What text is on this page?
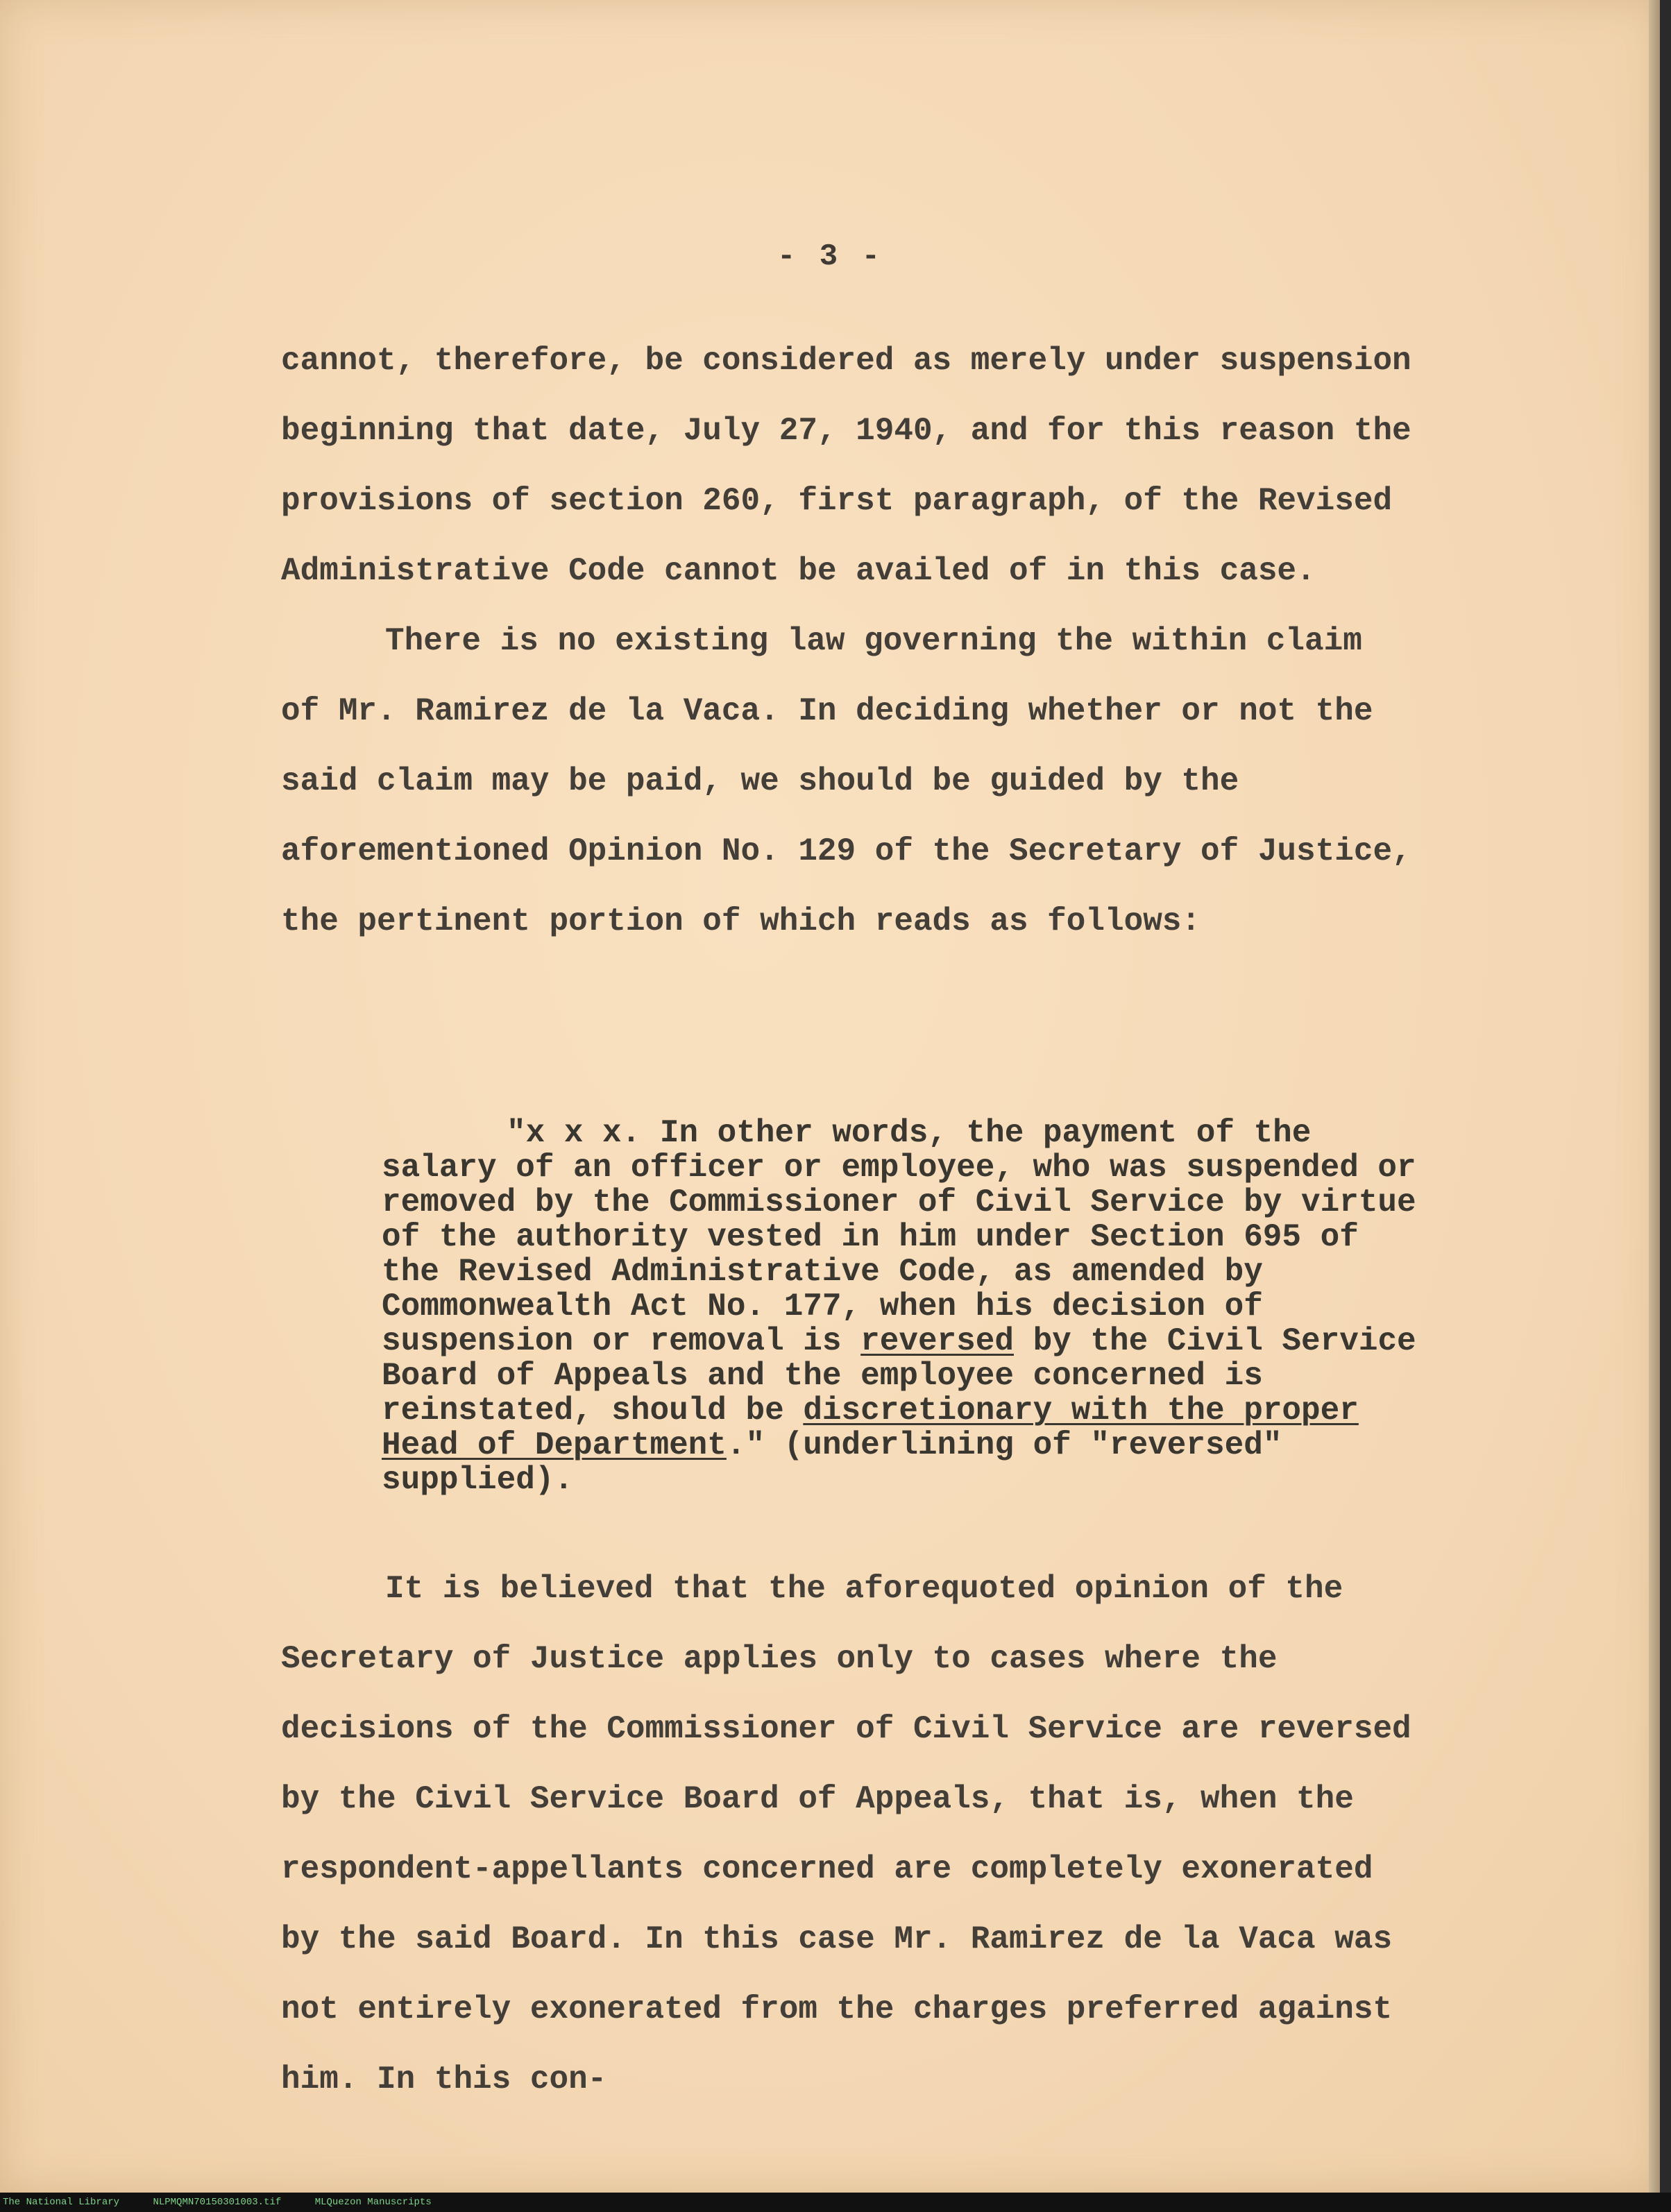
- 3 -

cannot, therefore, be considered as merely under suspension beginning that date, July 27, 1940, and for this reason the provisions of section 260, first paragraph, of the Revised Administrative Code cannot be availed of in this case.

There is no existing law governing the within claim of Mr. Ramirez de la Vaca. In deciding whether or not the said claim may be paid, we should be guided by the aforementioned Opinion No. 129 of the Secretary of Justice, the pertinent portion of which reads as follows:

"x x x. In other words, the payment of the salary of an officer or employee, who was suspended or removed by the Commissioner of Civil Service by virtue of the authority vested in him under Section 695 of the Revised Administrative Code, as amended by Commonwealth Act No. 177, when his decision of suspension or removal is reversed by the Civil Service Board of Appeals and the employee concerned is reinstated, should be discretionary with the proper Head of Department." (underlining of "reversed" supplied).

It is believed that the aforequoted opinion of the Secretary of Justice applies only to cases where the decisions of the Commissioner of Civil Service are reversed by the Civil Service Board of Appeals, that is, when the respondent-appellants concerned are completely exonerated by the said Board. In this case Mr. Ramirez de la Vaca was not entirely exonerated from the charges preferred against him. In this con-

The National Library	NLPMQMN70150301003.tif	MLQuezon Manuscripts
